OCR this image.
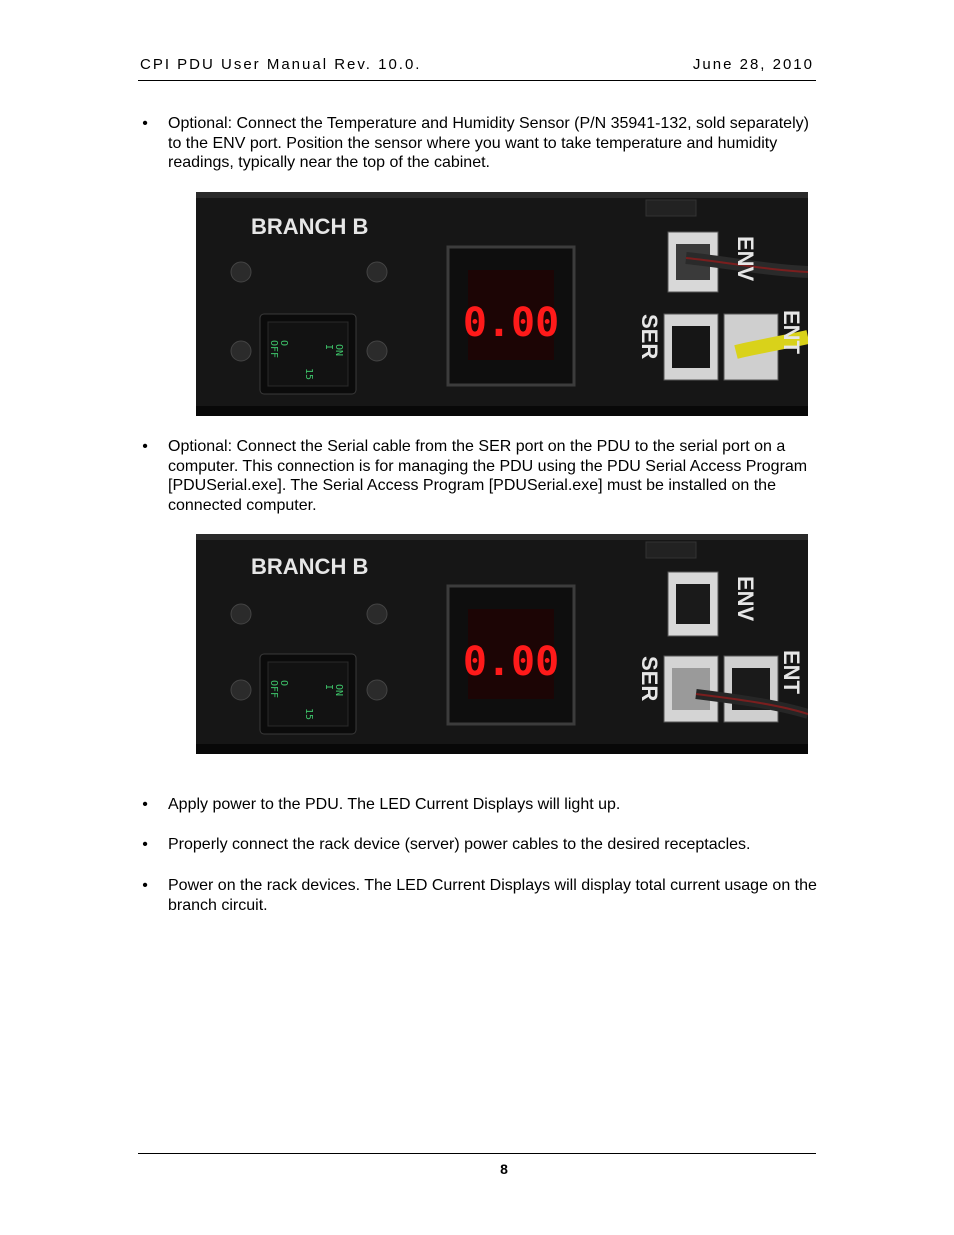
CPI PDU User Manual Rev. 10.0.	June 28, 2010
• Optional: Connect the Temperature and Humidity Sensor (P/N 35941-132, sold separately) to the ENV port. Position the sensor where you want to take temperature and humidity readings, typically near the top of the cabinet.
BRANCH B
O
OFF	ON
I
15
0.00
ENV
SER	ENT
• Optional: Connect the Serial cable from the SER port on the PDU to the serial port on a computer. This connection is for managing the PDU using the PDU Serial Access Program [PDUSerial.exe]. The Serial Access Program [PDUSerial.exe] must be installed on the connected computer.
BRANCH B
O
OFF	ON
I
15
0.00
ENV
SER	ENT
• Apply power to the PDU. The LED Current Displays will light up.
• Properly connect the rack device (server) power cables to the desired receptacles.
• Power on the rack devices. The LED Current Displays will display total current usage on the branch circuit.
8
